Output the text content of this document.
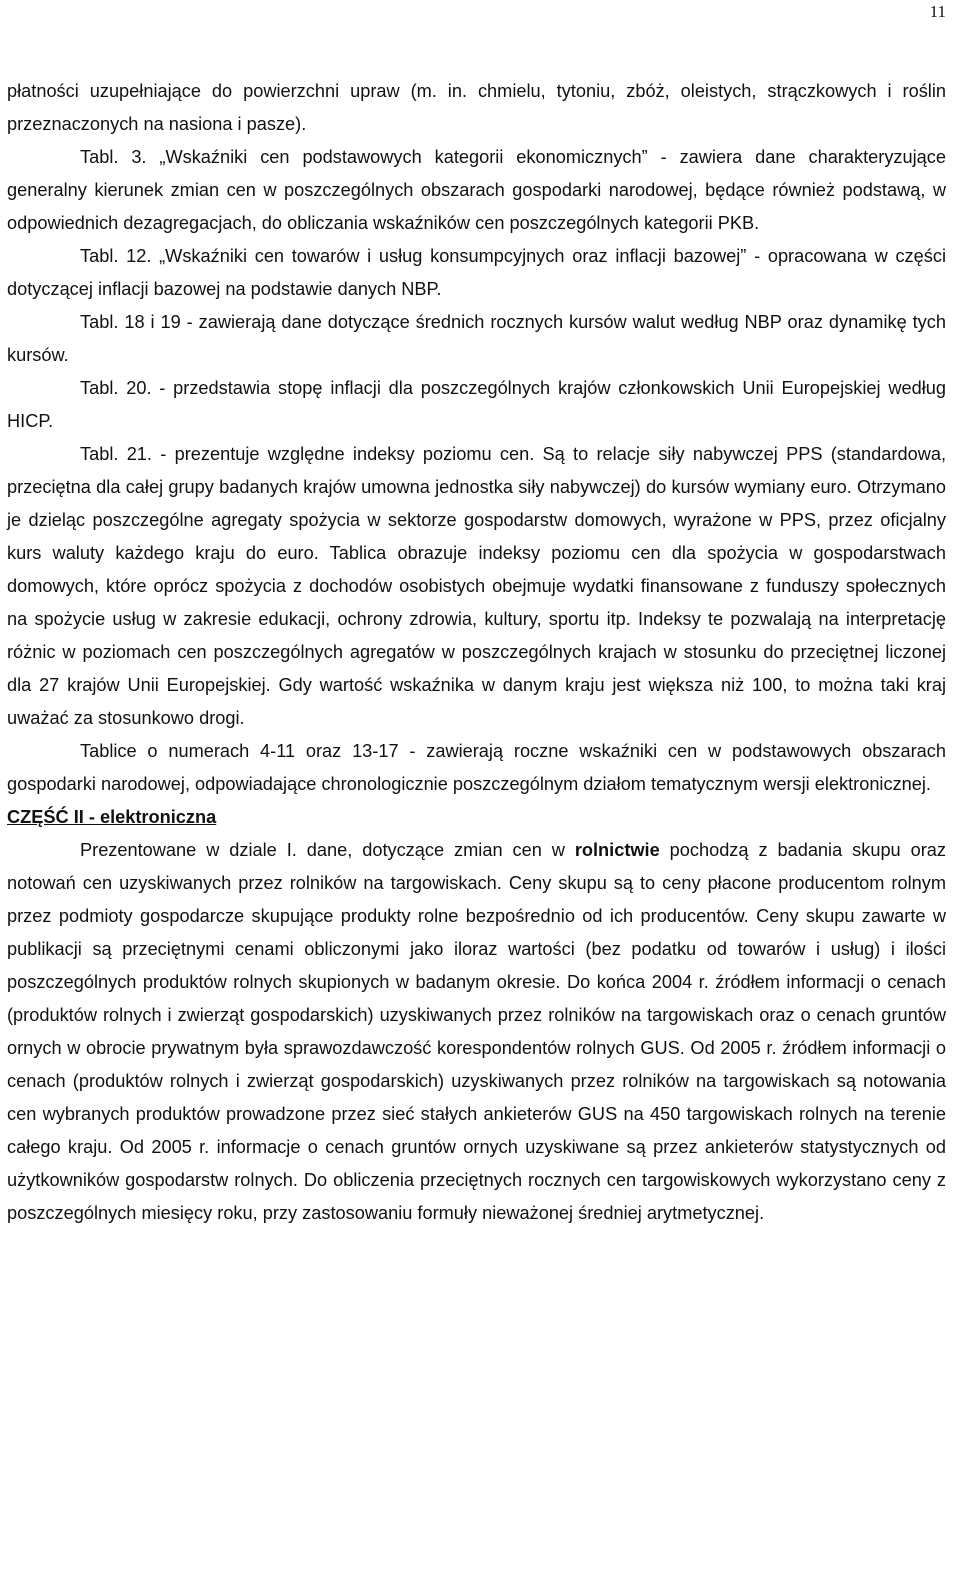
11

płatności uzupełniające do powierzchni upraw (m. in. chmielu, tytoniu, zbóż, oleistych, strączkowych i roślin przeznaczonych na nasiona i pasze).

Tabl. 3. „Wskaźniki cen podstawowych kategorii ekonomicznych” - zawiera dane charakteryzujące generalny kierunek zmian cen w poszczególnych obszarach gospodarki narodowej, będące również podstawą, w odpowiednich dezagregacjach, do obliczania wskaźników cen poszczególnych kategorii PKB.

Tabl. 12. „Wskaźniki cen towarów i usług konsumpcyjnych oraz inflacji bazowej” - opracowana w części dotyczącej inflacji bazowej na podstawie danych NBP.

Tabl. 18 i 19 - zawierają dane dotyczące średnich rocznych kursów walut według NBP oraz dynamikę tych kursów.

Tabl. 20. - przedstawia stopę inflacji dla poszczególnych krajów członkowskich Unii Europejskiej według HICP.

Tabl. 21. - prezentuje względne indeksy poziomu cen. Są to relacje siły nabywczej PPS (standardowa, przeciętna dla całej grupy badanych krajów umowna jednostka siły nabywczej) do kursów wymiany euro. Otrzymano je dzieląc poszczególne agregaty spożycia w sektorze gospodarstw domowych, wyrażone w PPS, przez oficjalny kurs waluty każdego kraju do euro. Tablica obrazuje indeksy poziomu cen dla spożycia w gospodarstwach domowych, które oprócz spożycia z dochodów osobistych obejmuje wydatki finansowane z funduszy społecznych na spożycie usług w zakresie edukacji, ochrony zdrowia, kultury, sportu itp. Indeksy te pozwalają na interpretację różnic w poziomach cen poszczególnych agregatów w poszczególnych krajach w stosunku do przeciętnej liczonej dla 27 krajów Unii Europejskiej. Gdy wartość wskaźnika w danym kraju jest większa niż 100, to można taki kraj uważać za stosunkowo drogi.

Tablice o numerach 4-11 oraz 13-17 - zawierają roczne wskaźniki cen w podstawowych obszarach gospodarki narodowej, odpowiadające chronologicznie poszczególnym działom tematycznym wersji elektronicznej.

CZĘŚĆ II - elektroniczna

Prezentowane w dziale I. dane, dotyczące zmian cen w rolnictwie pochodzą z badania skupu oraz notowań cen uzyskiwanych przez rolników na targowiskach. Ceny skupu są to ceny płacone producentom rolnym przez podmioty gospodarcze skupujące produkty rolne bezpośrednio od ich producentów. Ceny skupu zawarte w publikacji są przeciętnymi cenami obliczonymi jako iloraz wartości (bez podatku od towarów i usług) i ilości poszczególnych produktów rolnych skupionych w badanym okresie. Do końca 2004 r. źródłem informacji o cenach (produktów rolnych i zwierząt gospodarskich) uzyskiwanych przez rolników na targowiskach oraz o cenach gruntów ornych w obrocie prywatnym była sprawozdawczość korespondentów rolnych GUS. Od 2005 r. źródłem informacji o cenach (produktów rolnych i zwierząt gospodarskich) uzyskiwanych przez rolników na targowiskach są notowania cen wybranych produktów prowadzone przez sieć stałych ankieterów GUS na 450 targowiskach rolnych na terenie całego kraju. Od 2005 r. informacje o cenach gruntów ornych uzyskiwane są przez ankieterów statystycznych od użytkowników gospodarstw rolnych. Do obliczenia przeciętnych rocznych cen targowiskowych wykorzystano ceny z poszczególnych miesięcy roku, przy zastosowaniu formuły nieważonej średniej arytmetycznej.
